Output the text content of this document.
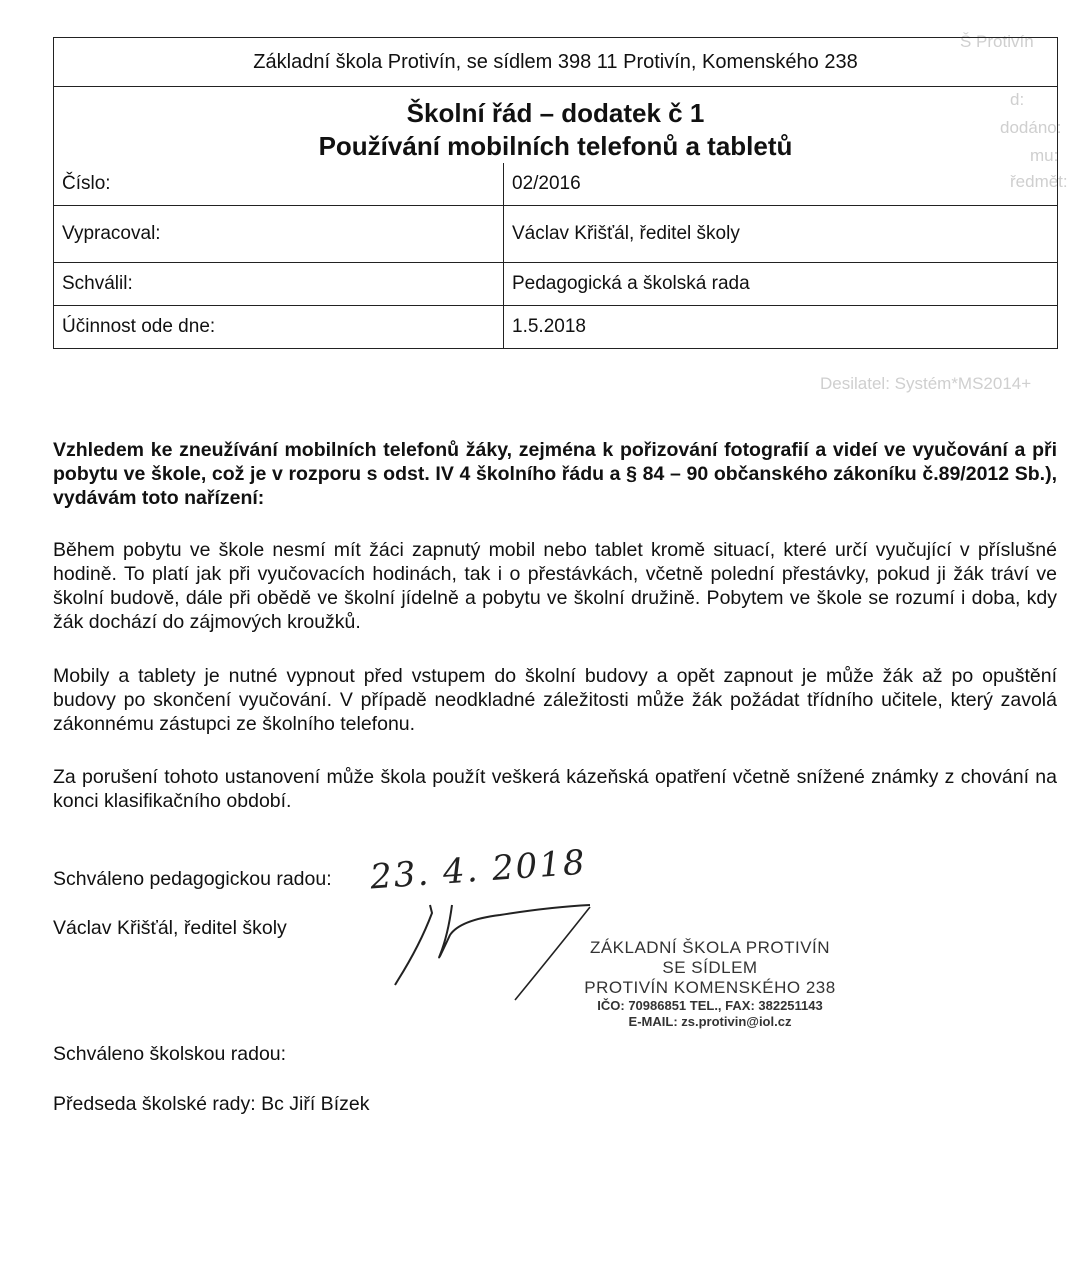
Š Protivín
d:
dodáno:
mu:
ředmět:
Desilatel: Systém*MS2014+
Základní škola Protivín, se sídlem 398 11 Protivín, Komenského 238	

Školní řád – dodatek č 1
Používání mobilních telefonů a tabletů	

Číslo:	02/2016
Vypracoval:	Václav Křišťál, ředitel školy
Schválil:	Pedagogická a školská rada
Účinnost ode dne:	1.5.2018
Vzhledem ke zneužívání mobilních telefonů žáky, zejména k pořizování fotografií a videí ve vyučování a při pobytu ve škole, což je v rozporu s odst. IV 4 školního řádu a § 84 – 90 občanského zákoníku č.89/2012 Sb.), vydávám toto nařízení:

Během pobytu ve škole nesmí mít žáci zapnutý mobil nebo tablet kromě situací, které určí vyučující v příslušné hodině. To platí jak při vyučovacích hodinách, tak i o přestávkách, včetně polední přestávky, pokud ji žák tráví ve školní budově, dále při obědě ve školní jídelně a pobytu ve školní družině. Pobytem ve škole se rozumí i doba, kdy žák dochází do zájmových kroužků.

Mobily a tablety je nutné vypnout před vstupem do školní budovy a opět zapnout je může žák až po opuštění budovy po skončení vyučování. V případě neodkladné záležitosti může žák požádat třídního učitele, který zavolá zákonnému zástupci ze školního telefonu.

Za porušení tohoto ustanovení může škola použít veškerá kázeňská opatření včetně snížené známky z chování na konci klasifikačního období.

Schváleno pedagogickou radou: 23. 4. 2018
Václav Křišťál, ředitel školy
ZÁKLADNÍ ŠKOLA PROTIVÍN
SE SÍDLEM
PROTIVÍN KOMENSKÉHO 238
IČO: 70986851 TEL., FAX: 382251143
E-MAIL: zs.protivin@iol.cz
Schváleno školskou radou:
Předseda školské rady: Bc Jiří Bízek
